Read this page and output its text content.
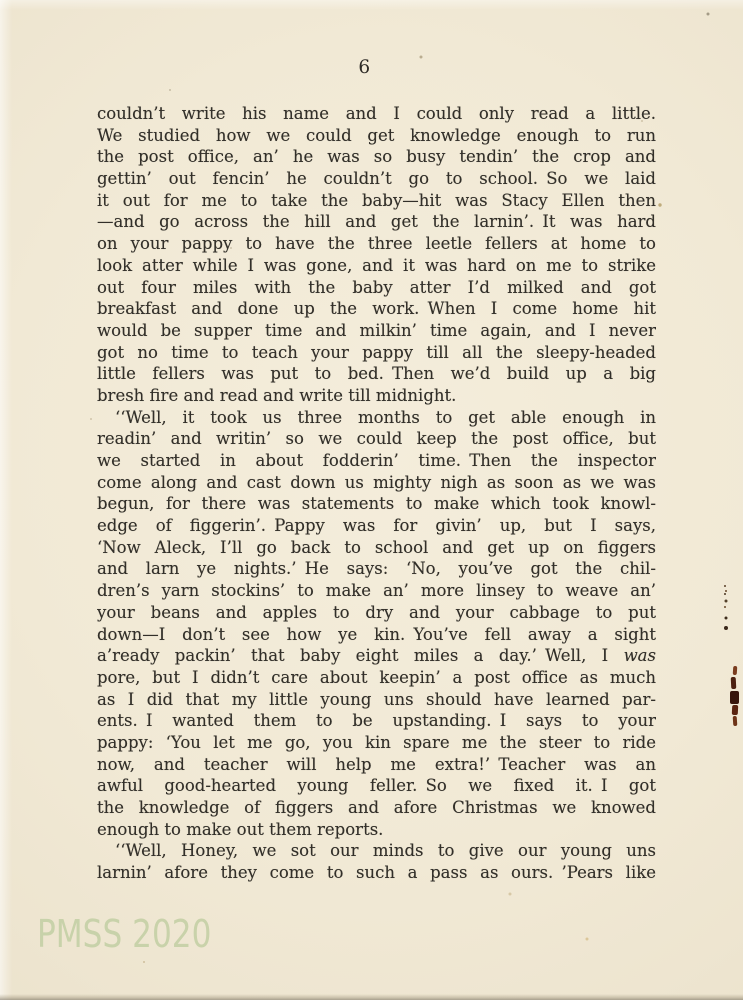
6
couldn’t write his name and I could only read a little.
We studied how we could get knowledge enough to run
the post office, an’ he was so busy tendin’ the crop and
gettin’ out fencin’ he couldn’t go to school. So we laid
it out for me to take the baby—hit was Stacy Ellen then
—and go across the hill and get the larnin’. It was hard
on your pappy to have the three leetle fellers at home to
look atter while I was gone, and it was hard on me to strike
out four miles with the baby atter I’d milked and got
breakfast and done up the work. When I come home hit
would be supper time and milkin’ time again, and I never
got no time to teach your pappy till all the sleepy-headed
little fellers was put to bed. Then we’d build up a big
bresh fire and read and write till midnight.
‘‘Well, it took us three months to get able enough in
readin’ and writin’ so we could keep the post office, but
we started in about fodderin’ time. Then the inspector
come along and cast down us mighty nigh as soon as we was
begun, for there was statements to make which took knowl-
edge of figgerin’. Pappy was for givin’ up, but I says,
‘Now Aleck, I’ll go back to school and get up on figgers
and larn ye nights.’ He says: ‘No, you’ve got the chil-
dren’s yarn stockins’ to make an’ more linsey to weave an’
your beans and apples to dry and your cabbage to put
down—I don’t see how ye kin. You’ve fell away a sight
a’ready packin’ that baby eight miles a day.’ Well, I was
pore, but I didn’t care about keepin’ a post office as much
as I did that my little young uns should have learned par-
ents. I wanted them to be upstanding. I says to your
pappy: ‘You let me go, you kin spare me the steer to ride
now, and teacher will help me extra!’ Teacher was an
awful good-hearted young feller. So we fixed it. I got
the knowledge of figgers and afore Christmas we knowed
enough to make out them reports.
‘‘Well, Honey, we sot our minds to give our young uns
larnin’ afore they come to such a pass as ours. ’Pears like
PMSS 2020
